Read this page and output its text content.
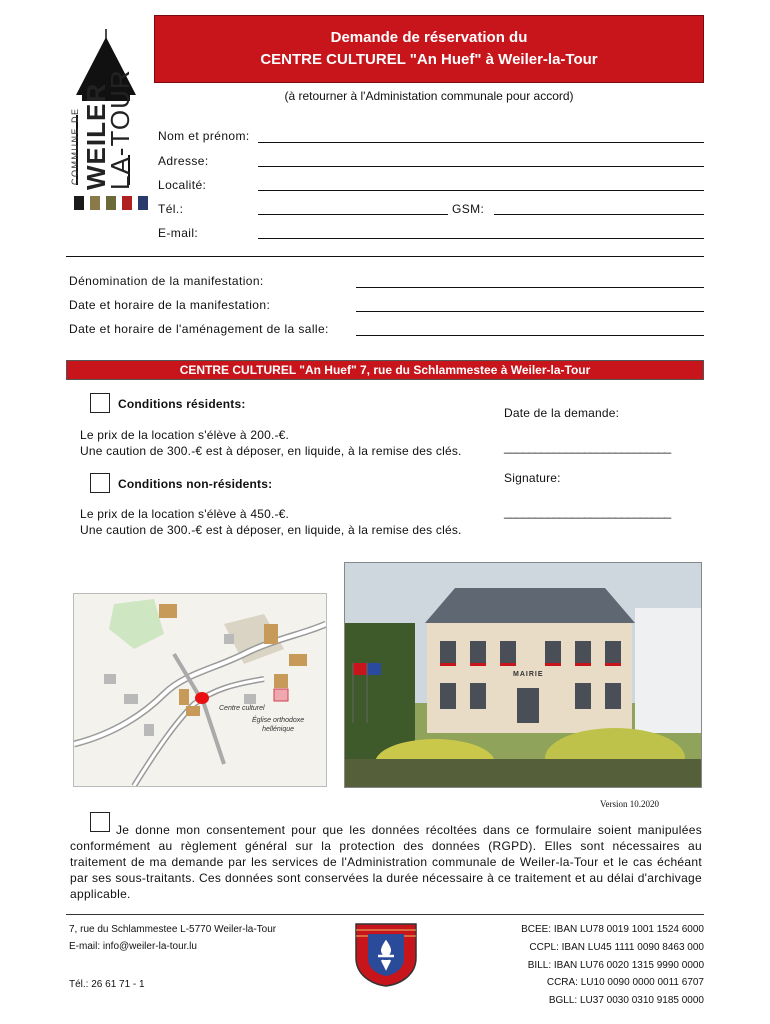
COMMUNE DE WEILER
LA-TOUR
Demande de réservation du
CENTRE CULTUREL "An Huef" à Weiler-la-Tour
(à retourner à l'Administation communale pour accord)
Nom et prénom:
Adresse:
Localité:
Tél.:	GSM:
E-mail:
Dénomination de la manifestation:
Date et horaire de la manifestation:
Date et horaire de l'aménagement de la salle:
CENTRE CULTUREL "An Huef" 7, rue du Schlammestee à Weiler-la-Tour
Conditions résidents:
Le prix de la location s'élève à 200.-€.
Une caution de 300.-€ est à déposer, en liquide, à la remise des clés.
Conditions non-résidents:
Le prix de la location s'élève à 450.-€.
Une caution de 300.-€ est à déposer, en liquide, à la remise des clés.
Date de la demande:
___________________________
Signature:
___________________________
Centre culturel
Église orthodoxe
hellénique
MAIRIE
Version 10.2020
Je donne mon consentement pour que les données récoltées dans ce formulaire soient manipulées conformément au règlement général sur la protection des données (RGPD). Elles sont nécessaires au traitement de ma demande par les services de l'Administration communale de Weiler-la-Tour et le cas échéant par ses sous-traitants. Ces données sont conservées la durée nécessaire à ce traitement et au délai d'archivage applicable.
7, rue du Schlammestee L-5770 Weiler-la-Tour
E-mail: info@weiler-la-tour.lu
Tél.: 26 61 71 - 1
BCEE: IBAN LU78 0019 1001 1524 6000
CCPL: IBAN LU45 1111 0090 8463 000
BILL: IBAN LU76 0020 1315 9990 0000
CCRA: LU10 0090 0000 0011 6707
BGLL: LU37 0030 0310 9185 0000
